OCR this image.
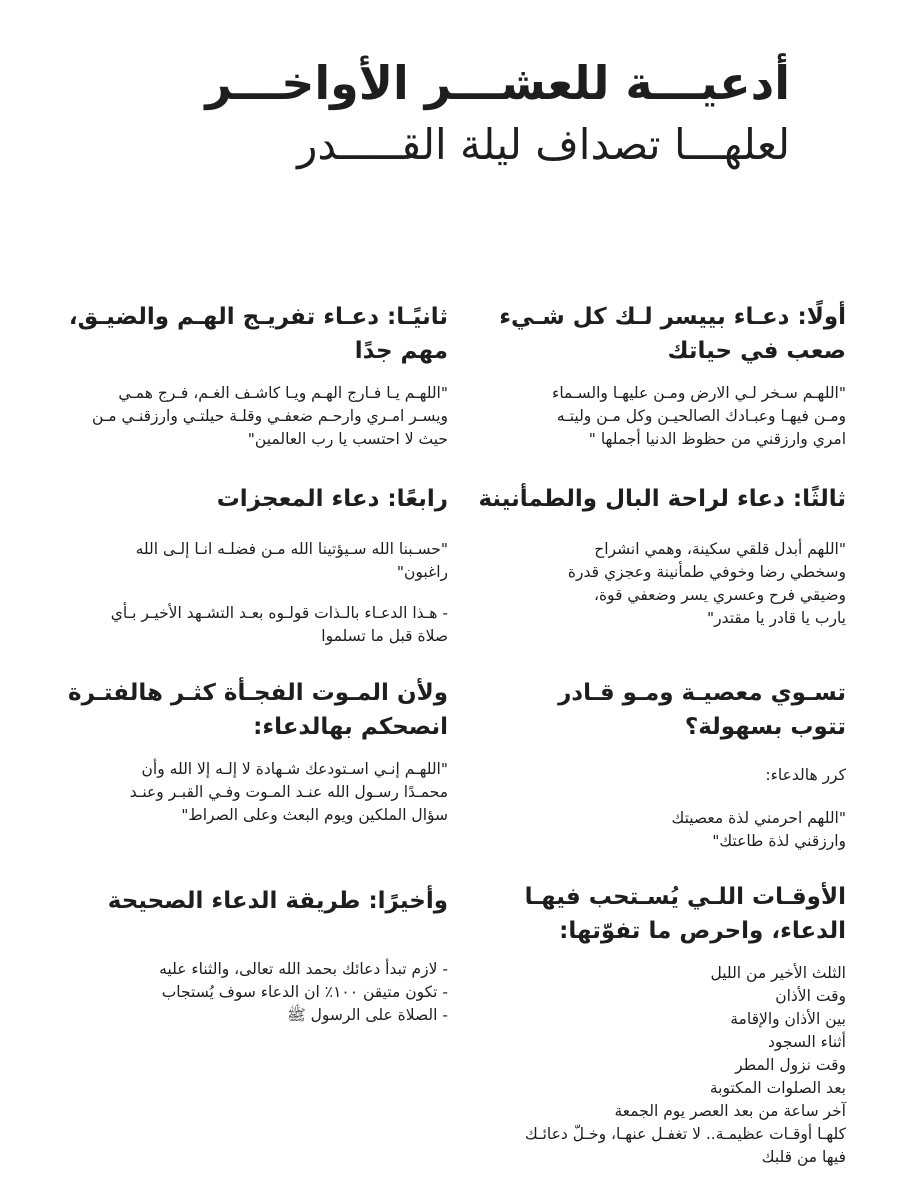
أدعيـــة للعشـــر الأواخـــر
لعلهـــا تصداف ليلة القـــــدر
أولًا: دعـاء بييسر لـك كل شـيء
صعب في حياتك
"اللهـم سـخر لـي الارض ومـن عليهـا والسـماء
ومـن فيهـا وعبـادك الصالحيـن وكل مـن وليتـه
امري وارزقني من حظوظ الدنيا أجملها "
ثانيًـا: دعـاء تفريـج الهـم والضيـق،
مهم جدًا
"اللهـم يـا فـارج الهـم ويـا كاشـف الغـم، فـرج همـي
ويسـر امـري وارحـم ضعفـي وقلـة حيلتـي وارزقنـي مـن
حيث لا احتسب يا رب العالمين"
ثالثًا: دعاء لراحة البال والطمأنينة
"اللهم أبدل قلقي سكينة، وهمي انشراح
وسخطي رضا وخوفي طمأنينة وعجزي قدرة
وضيقي فرح وعسري يسر وضعفي قوة،
يارب يا قادر يا مقتدر"
رابعًا: دعاء المعجزات
"حسـبنا الله سـيؤتينا الله مـن فضلـه انـا إلـى الله
راغبون"
- هـذا الدعـاء بالـذات قولـوه بعـد التشـهد الأخيـر بـأي
صلاة قبل ما تسلموا
تسـوي معصيـة ومـو قـادر
تتوب بسهولة؟
كرر هالدعاء:
"اللهم احرمني لذة معصيتك
وارزقني لذة طاعتك"
ولأن المـوت الفجـأة كثـر هالفتـرة
انصحكم بهالدعاء:
"اللهـم إنـي اسـتودعك شـهادة لا إلـه إلا الله وأن
محمـدًا رسـول الله عنـد المـوت وفـي القبـر وعنـد
سؤال الملكين ويوم البعث وعلى الصراط"
الأوقـات اللـي يُسـتحب فيهـا
الدعاء، واحرص ما تفوّتها:
الثلث الأخير من الليل
وقت الأذان
بين الأذان والإقامة
أثناء السجود
وقت نزول المطر
بعد الصلوات المكتوبة
آخر ساعة من بعد العصر يوم الجمعة
كلهـا أوقـات عظيمـة.. لا تغفـل عنهـا، وخـلّ دعائـك
فيها من قلبك
وأخيرًا: طريقة الدعاء الصحيحة
- لازم تبدأ دعائك بحمد الله تعالى، والثناء عليه
- تكون متيقن ١٠٠٪ ان الدعاء سوف يُستجاب
- الصلاة على الرسول ﷺ
